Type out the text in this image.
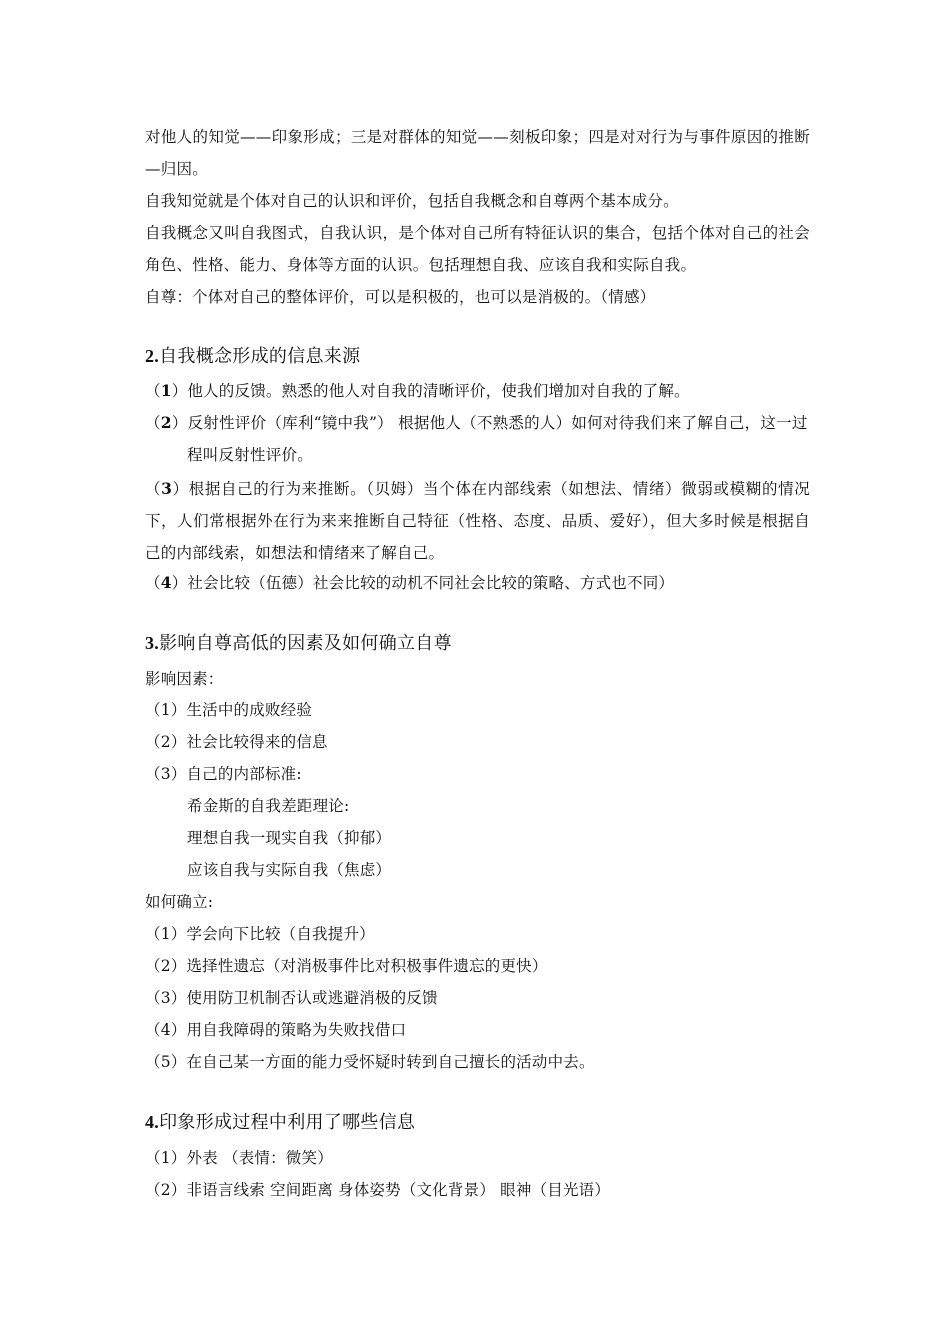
对他人的知觉——印象形成；三是对群体的知觉——刻板印象；四是对对行为与事件原因的推断—归因。
自我知觉就是个体对自己的认识和评价，包括自我概念和自尊两个基本成分。
自我概念又叫自我图式，自我认识，是个体对自己所有特征认识的集合，包括个体对自己的社会角色、性格、能力、身体等方面的认识。包括理想自我、应该自我和实际自我。
自尊：个体对自己的整体评价，可以是积极的，也可以是消极的。（情感）
2.自我概念形成的信息来源
（1）他人的反馈。熟悉的他人对自我的清晰评价，使我们增加对自我的了解。
（2）反射性评价（库利“镜中我”） 根据他人（不熟悉的人）如何对待我们来了解自己，这一过程叫反射性评价。
（3）根据自己的行为来推断。（贝姆）当个体在内部线索（如想法、情绪）微弱或模糊的情况下，人们常根据外在行为来来推断自己特征（性格、态度、品质、爱好），但大多时候是根据自己的内部线索，如想法和情绪来了解自己。
（4）社会比较（伍德）社会比较的动机不同社会比较的策略、方式也不同）
3.影响自尊高低的因素及如何确立自尊
影响因素：
（1）生活中的成败经验
（2）社会比较得来的信息
（3）自己的内部标准:
希金斯的自我差距理论:
理想自我一现实自我（抑郁）
应该自我与实际自我（焦虑）
如何确立:
（1）学会向下比较（自我提升）
（2）选择性遗忘（对消极事件比对积极事件遗忘的更快）
（3）使用防卫机制否认或逃避消极的反馈
（4）用自我障碍的策略为失败找借口
（5）在自己某一方面的能力受怀疑时转到自己擅长的活动中去。
4.印象形成过程中利用了哪些信息
（1）外表 （表情：微笑）
（2）非语言线索 空间距离 身体姿势（文化背景） 眼神（目光语）
